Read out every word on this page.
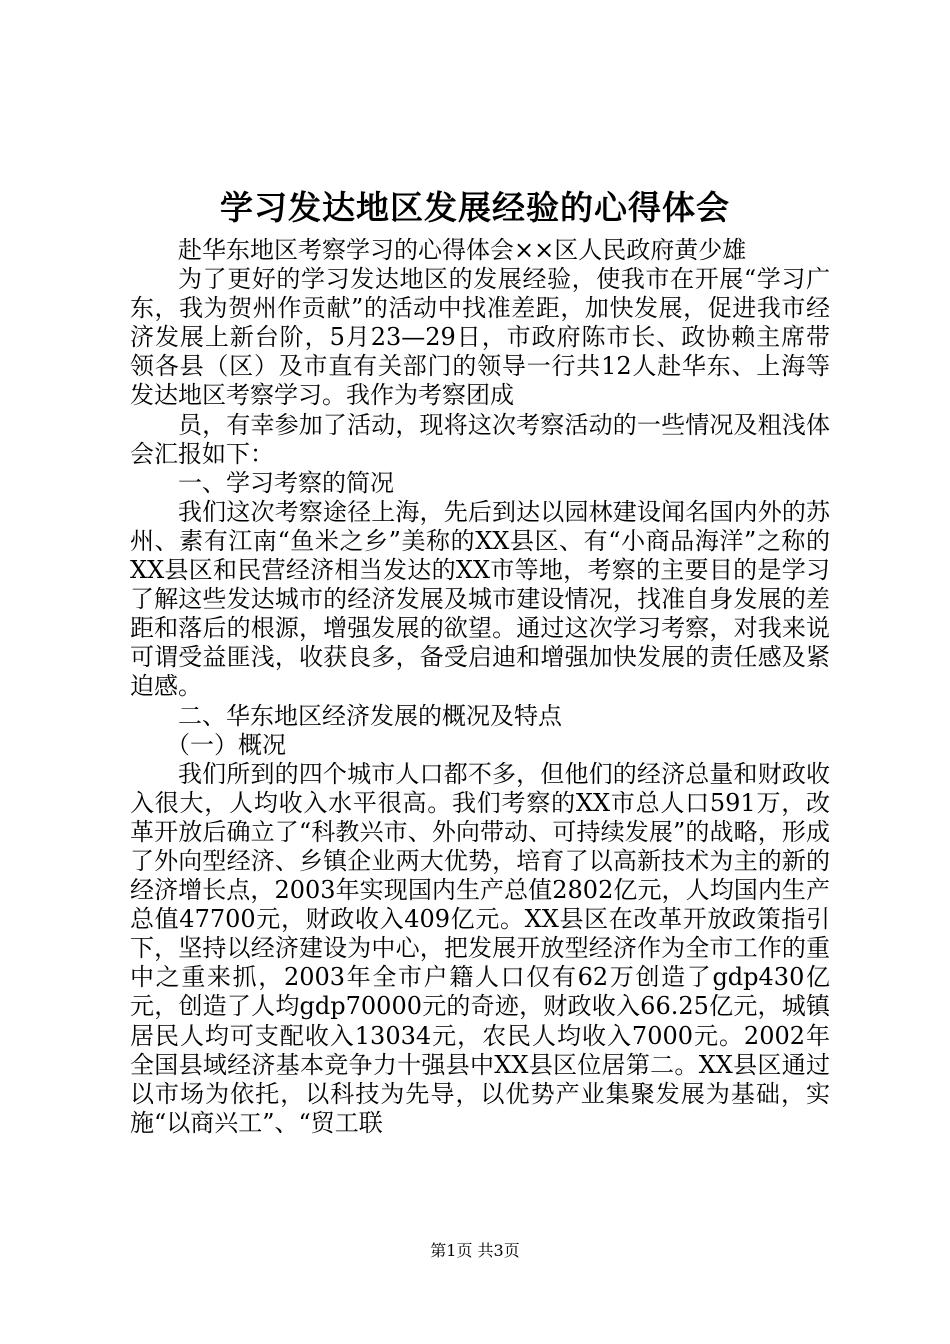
学习发达地区发展经验的心得体会

赴华东地区考察学习的心得体会××区人民政府黄少雄

为了更好的学习发达地区的发展经验，使我市在开展“学习广东，我为贺州作贡献”的活动中找准差距，加快发展，促进我市经济发展上新台阶，5月23—29日，市政府陈市长、政协赖主席带领各县（区）及市直有关部门的领导一行共12人赴华东、上海等发达地区考察学习。我作为考察团成

员，有幸参加了活动，现将这次考察活动的一些情况及粗浅体会汇报如下：

一、学习考察的简况

我们这次考察途径上海，先后到达以园林建设闻名国内外的苏州、素有江南“鱼米之乡”美称的XX县区、有“小商品海洋”之称的XX县区和民营经济相当发达的XX市等地，考察的主要目的是学习了解这些发达城市的经济发展及城市建设情况，找准自身发展的差距和落后的根源，增强发展的欲望。通过这次学习考察，对我来说可谓受益匪浅，收获良多，备受启迪和增强加快发展的责任感及紧迫感。

二、华东地区经济发展的概况及特点

（一）概况

我们所到的四个城市人口都不多，但他们的经济总量和财政收入很大，人均收入水平很高。我们考察的XX市总人口591万，改革开放后确立了“科教兴市、外向带动、可持续发展”的战略，形成了外向型经济、乡镇企业两大优势，培育了以高新技术为主的新的经济增长点，2003年实现国内生产总值2802亿元，人均国内生产总值47700元，财政收入409亿元。XX县区在改革开放政策指引下，坚持以经济建设为中心，把发展开放型经济作为全市工作的重中之重来抓，2003年全市户籍人口仅有62万创造了gdp430亿元，创造了人均gdp70000元的奇迹，财政收入66.25亿元，城镇居民人均可支配收入13034元，农民人均收入7000元。2002年全国县域经济基本竞争力十强县中XX县区位居第二。XX县区通过以市场为依托，以科技为先导，以优势产业集聚发展为基础，实施“以商兴工”、“贸工联

第1页 共3页
